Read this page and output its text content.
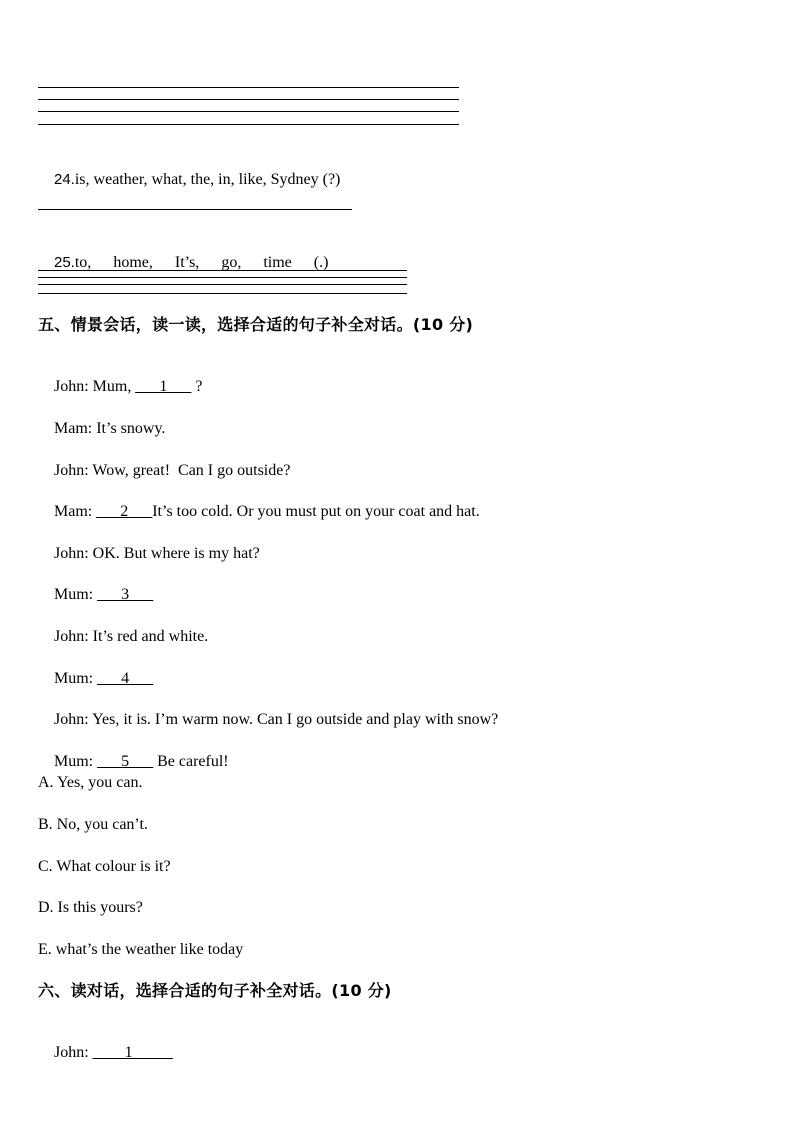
24.is, weather, what, the, in, like, Sydney (?)

25.to, home, It’s, go, time (.)

五、情景会话，读一读，选择合适的句子补全对话。(10 分)

John: Mum, ___1___ ?

Mam: It’s snowy.

John: Wow, great!  Can I go outside?

Mam: ___2___It’s too cold. Or you must put on your coat and hat.

John: OK. But where is my hat?

Mum: ___3___

John: It’s red and white.

Mum: ___4___

John: Yes, it is. I’m warm now. Can I go outside and play with snow?

Mum: ___5___ Be careful!

A. Yes, you can.
B. No, you can’t.
C. What colour is it?
D. Is this yours?
E. what’s the weather like today
六、读对话，选择合适的句子补全对话。(10 分)

John: ____1_____
